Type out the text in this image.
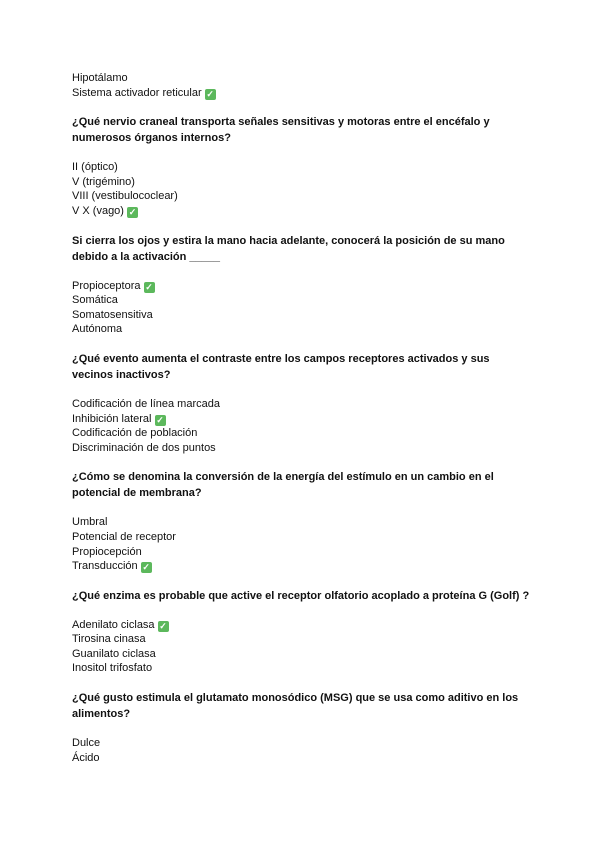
Hipotálamo
Sistema activador reticular ✓
¿Qué nervio craneal transporta señales sensitivas y motoras entre el encéfalo y numerosos órganos internos?
II (óptico)
V (trigémino)
VIII (vestibulococlear)
V X (vago) ✓
Si cierra los ojos y estira la mano hacia adelante, conocerá la posición de su mano debido a la activación _____
Propioceptora ✓
Somática
Somatosensitiva
Autónoma
¿Qué evento aumenta el contraste entre los campos receptores activados y sus vecinos inactivos?
Codificación de línea marcada
Inhibición lateral ✓
Codificación de población
Discriminación de dos puntos
¿Cómo se denomina la conversión de la energía del estímulo en un cambio en el potencial de membrana?
Umbral
Potencial de receptor
Propiocepción
Transducción ✓
¿Qué enzima es probable que active el receptor olfatorio acoplado a proteína G (Golf) ?
Adenilato ciclasa ✓
Tirosina cinasa
Guanilato ciclasa
Inositol trifosfato
¿Qué gusto estimula el glutamato monosódico (MSG) que se usa como aditivo en los alimentos?
Dulce
Ácido
